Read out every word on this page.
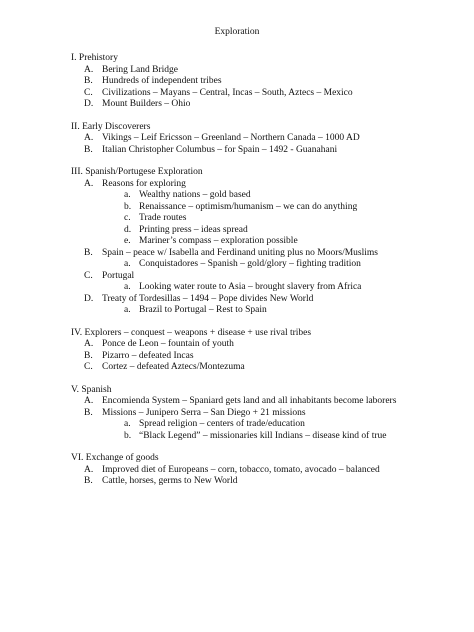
Exploration
I. Prehistory
A. Bering Land Bridge
B. Hundreds of independent tribes
C. Civilizations – Mayans – Central, Incas – South, Aztecs – Mexico
D. Mount Builders – Ohio
II. Early Discoverers
A. Vikings – Leif Ericsson – Greenland – Northern Canada – 1000 AD
B. Italian Christopher Columbus – for Spain – 1492 - Guanahani
III. Spanish/Portugese Exploration
A. Reasons for exploring
a. Wealthy nations – gold based
b. Renaissance – optimism/humanism – we can do anything
c. Trade routes
d. Printing press – ideas spread
e. Mariner’s compass – exploration possible
B. Spain – peace w/ Isabella and Ferdinand uniting plus no Moors/Muslims
a. Conquistadores – Spanish – gold/glory – fighting tradition
C. Portugal
a. Looking water route to Asia – brought slavery from Africa
D. Treaty of Tordesillas – 1494 – Pope divides New World
a. Brazil to Portugal – Rest to Spain
IV. Explorers – conquest – weapons + disease + use rival tribes
A. Ponce de Leon – fountain of youth
B. Pizarro – defeated Incas
C. Cortez – defeated Aztecs/Montezuma
V. Spanish
A. Encomienda System – Spaniard gets land and all inhabitants become laborers
B. Missions – Junipero Serra – San Diego + 21 missions
a. Spread religion – centers of trade/education
b. “Black Legend” – missionaries kill Indians – disease kind of true
VI. Exchange of goods
A. Improved diet of Europeans – corn, tobacco, tomato, avocado – balanced
B. Cattle, horses, germs to New World
